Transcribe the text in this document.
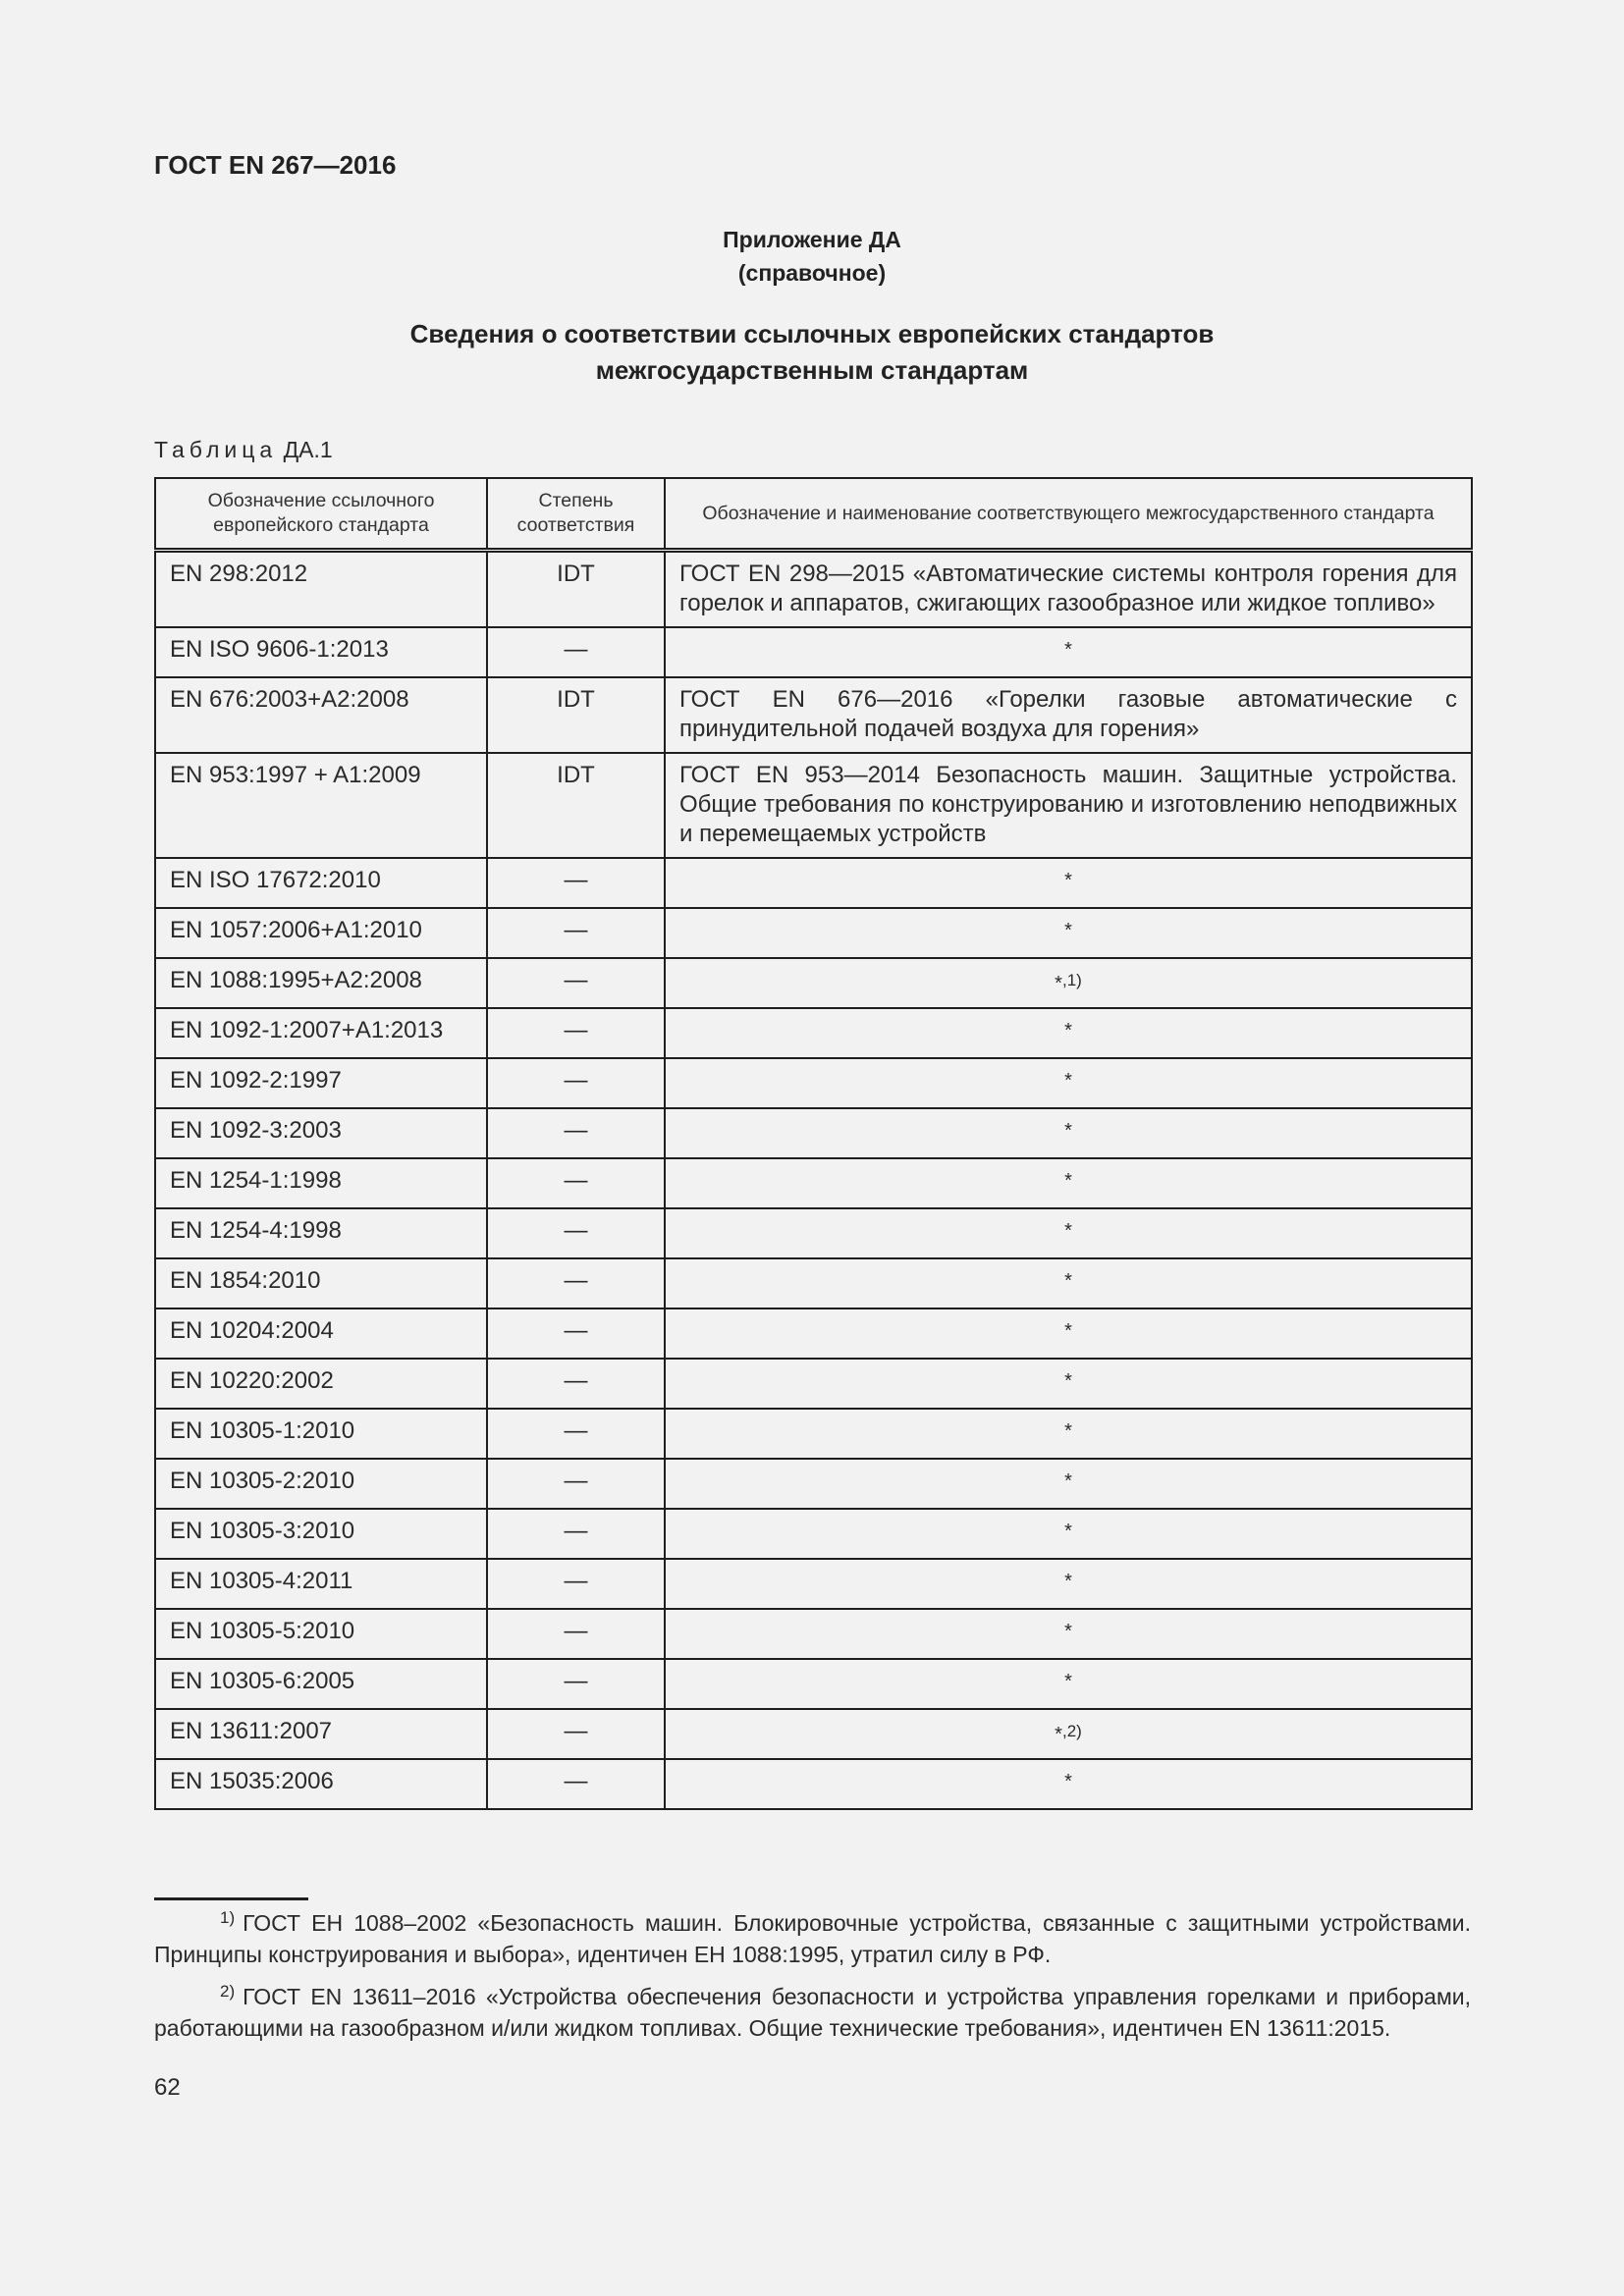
ГОСТ EN 267—2016
Приложение ДА
(справочное)
Сведения о соответствии ссылочных европейских стандартов
межгосударственным стандартам
Таблица ДА.1
Обозначение ссылочного европейского стандарта	Степень соответствия	Обозначение и наименование соответствующего межгосударственного стандарта
EN 298:2012	IDT	ГОСТ EN 298—2015 «Автоматические системы контроля горения для горелок и аппаратов, сжигающих газообразное или жидкое топливо»
EN ISO 9606-1:2013	—	*
EN 676:2003+A2:2008	IDT	ГОСТ EN 676—2016 «Горелки газовые автоматические с принудительной подачей воздуха для горения»
EN 953:1997 + A1:2009	IDT	ГОСТ EN 953—2014 Безопасность машин. Защитные устройства. Общие требования по конструированию и изготовлению неподвижных и перемещаемых устройств
EN ISO 17672:2010	—	*
EN 1057:2006+A1:2010	—	*
EN 1088:1995+A2:2008	—	*$^{,1)}$
EN 1092-1:2007+A1:2013	—	*
EN 1092-2:1997	—	*
EN 1092-3:2003	—	*
EN 1254-1:1998	—	*
EN 1254-4:1998	—	*
EN 1854:2010	—	*
EN 10204:2004	—	*
EN 10220:2002	—	*
EN 10305-1:2010	—	*
EN 10305-2:2010	—	*
EN 10305-3:2010	—	*
EN 10305-4:2011	—	*
EN 10305-5:2010	—	*
EN 10305-6:2005	—	*
EN 13611:2007	—	*$^{,2)}$
EN 15035:2006	—	*
$^{1)}$ ГОСТ ЕН 1088–2002 «Безопасность машин. Блокировочные устройства, связанные с защитными устройствами. Принципы конструирования и выбора», идентичен ЕН 1088:1995, утратил силу в РФ.
$^{2)}$ ГОСТ EN 13611–2016 «Устройства обеспечения безопасности и устройства управления горелками и приборами, работающими на газообразном и/или жидком топливах. Общие технические требования», идентичен EN 13611:2015.
62
